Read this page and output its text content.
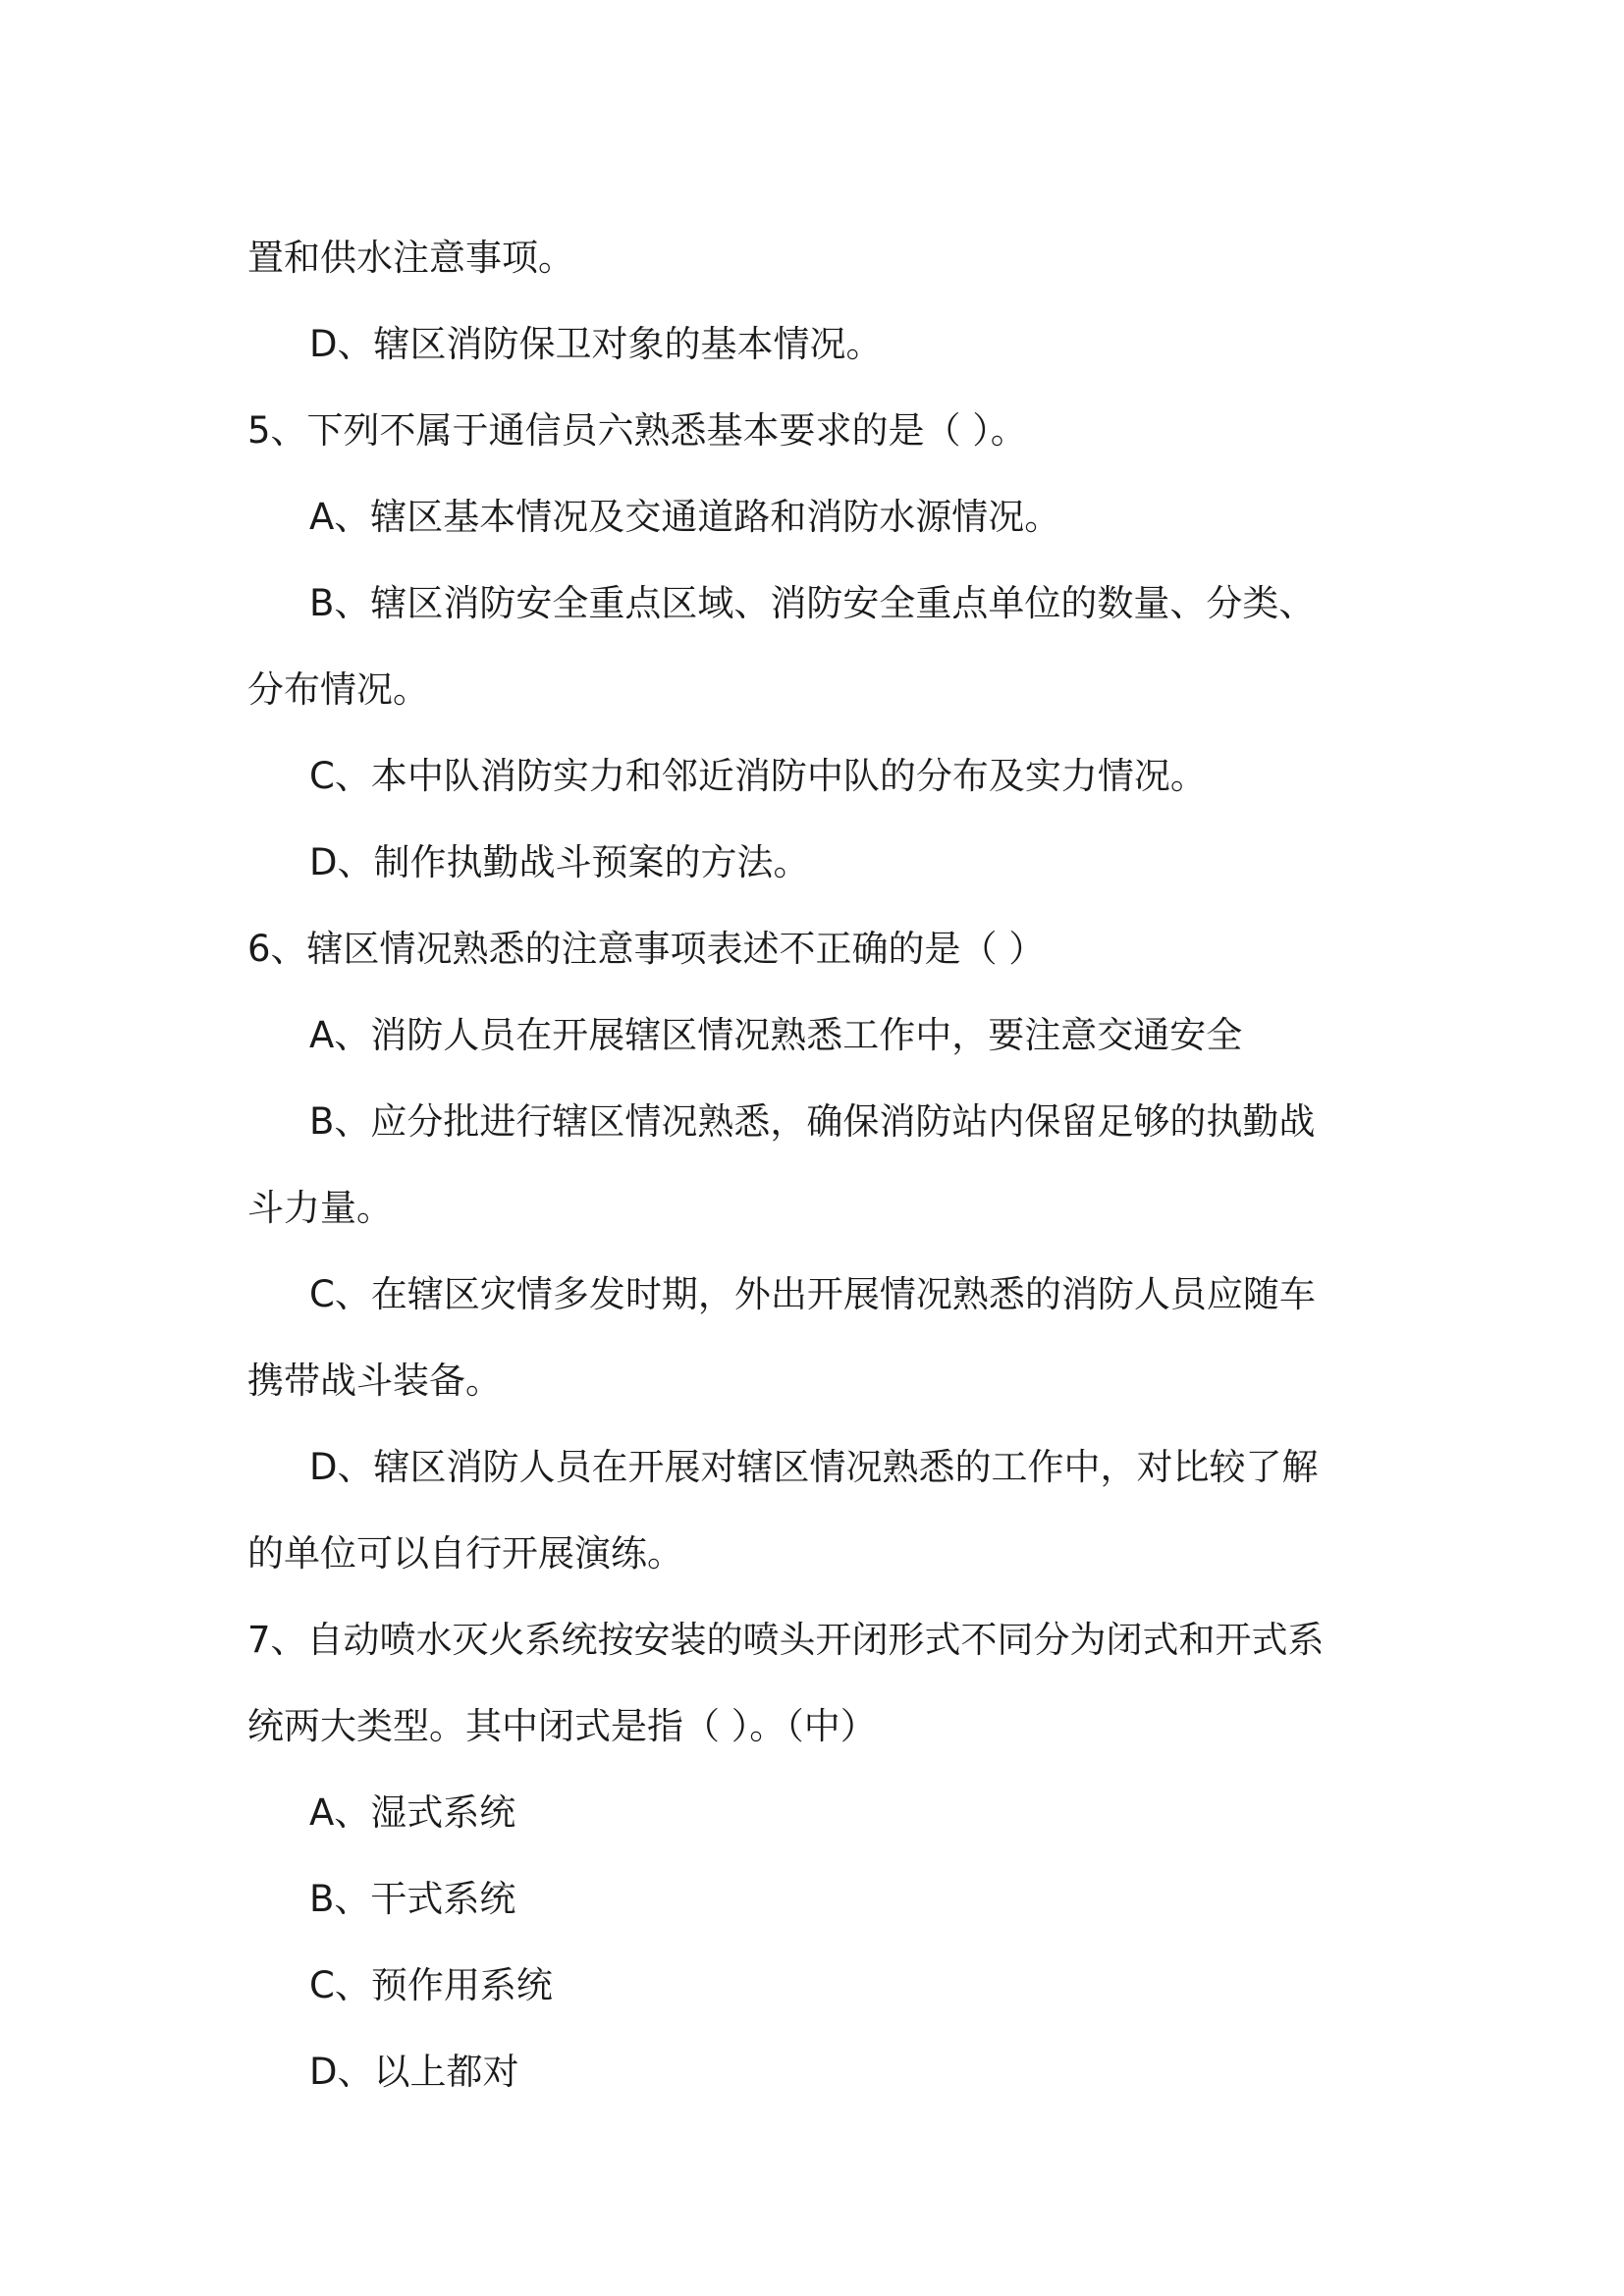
置和供水注意事项。
D、辖区消防保卫对象的基本情况。
5、下列不属于通信员六熟悉基本要求的是（ ）。
A、辖区基本情况及交通道路和消防水源情况。
B、辖区消防安全重点区域、消防安全重点单位的数量、分类、
分布情况。
C、本中队消防实力和邻近消防中队的分布及实力情况。
D、制作执勤战斗预案的方法。
6、辖区情况熟悉的注意事项表述不正确的是（ ）
A、消防人员在开展辖区情况熟悉工作中，要注意交通安全
B、应分批进行辖区情况熟悉，确保消防站内保留足够的执勤战
斗力量。
C、在辖区灾情多发时期，外出开展情况熟悉的消防人员应随车
携带战斗装备。
D、辖区消防人员在开展对辖区情况熟悉的工作中，对比较了解
的单位可以自行开展演练。
7、自动喷水灭火系统按安装的喷头开闭形式不同分为闭式和开式系
统两大类型。其中闭式是指（ ）。（中）
A、湿式系统
B、干式系统
C、预作用系统
D、以上都对
